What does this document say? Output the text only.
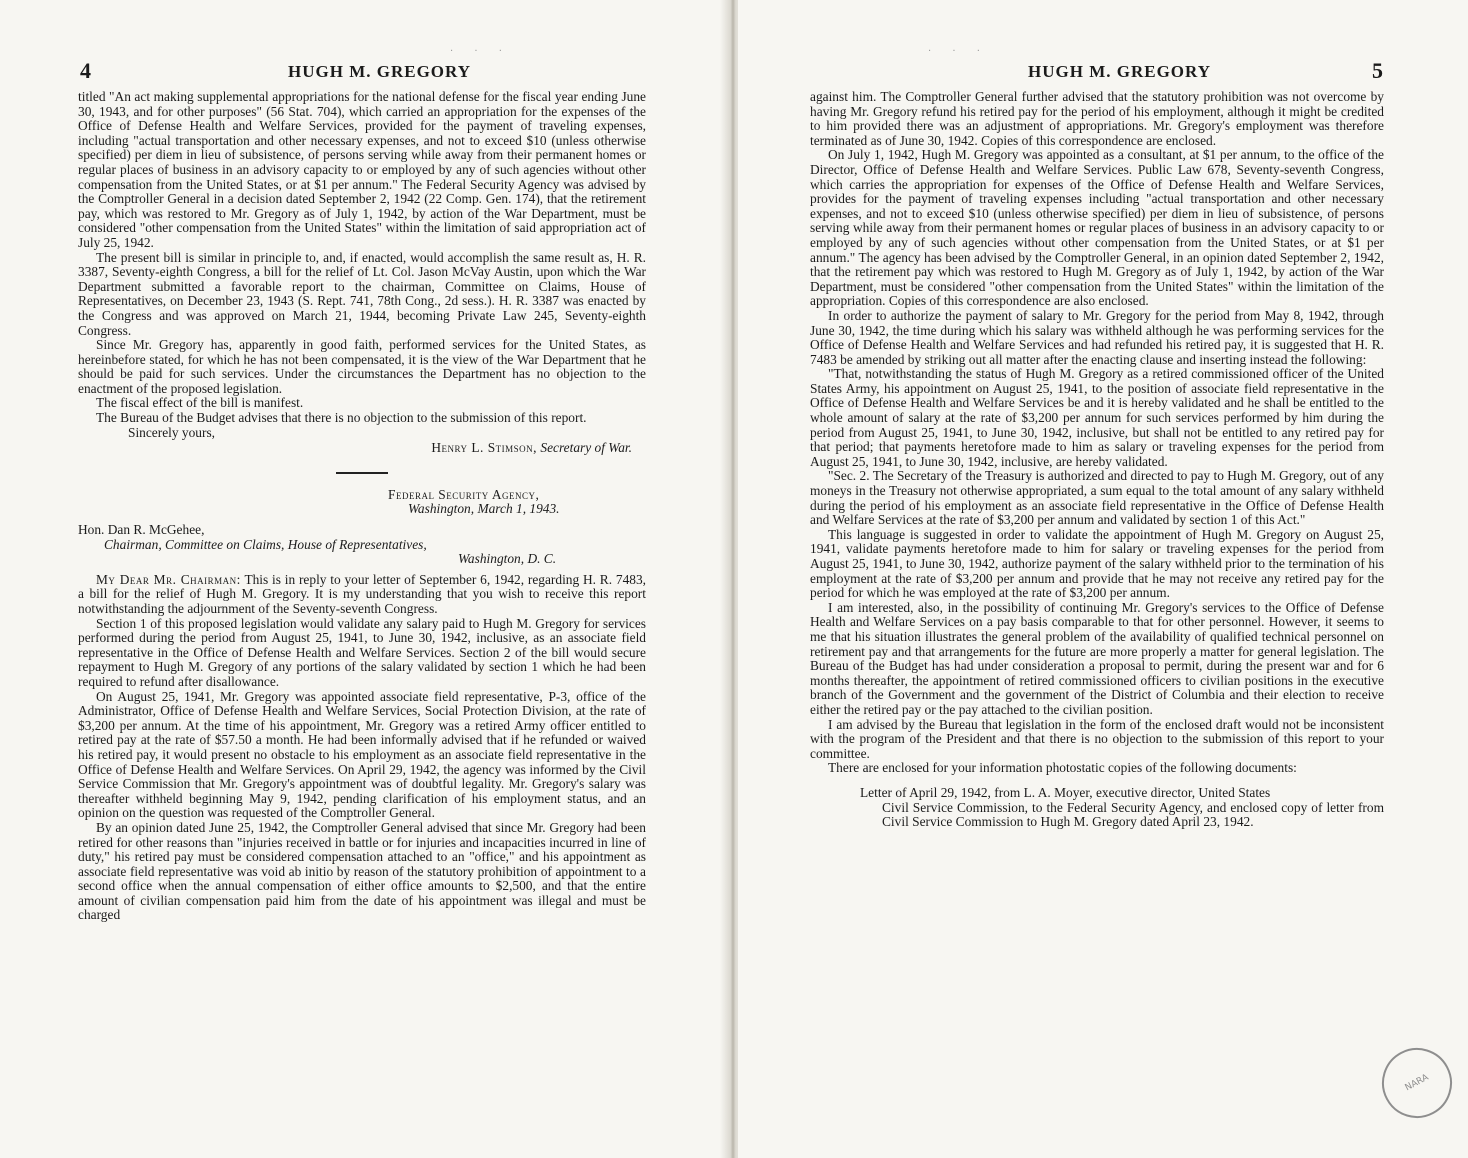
· · ·
4	HUGH M. GREGORY

titled "An act making supplemental appropriations for the national defense for the fiscal year ending June 30, 1943, and for other purposes" (56 Stat. 704), which carried an appropriation for the expenses of the Office of Defense Health and Welfare Services, provided for the payment of traveling expenses, including "actual transportation and other necessary expenses, and not to exceed $10 (unless otherwise specified) per diem in lieu of subsistence, of persons serving while away from their permanent homes or regular places of business in an advisory capacity to or employed by any of such agencies without other compensation from the United States, or at $1 per annum." The Federal Security Agency was advised by the Comptroller General in a decision dated September 2, 1942 (22 Comp. Gen. 174), that the retirement pay, which was restored to Mr. Gregory as of July 1, 1942, by action of the War Department, must be considered "other compensation from the United States" within the limitation of said appropriation act of July 25, 1942.

The present bill is similar in principle to, and, if enacted, would accomplish the same result as, H. R. 3387, Seventy-eighth Congress, a bill for the relief of Lt. Col. Jason McVay Austin, upon which the War Department submitted a favorable report to the chairman, Committee on Claims, House of Representatives, on December 23, 1943 (S. Rept. 741, 78th Cong., 2d sess.). H. R. 3387 was enacted by the Congress and was approved on March 21, 1944, becoming Private Law 245, Seventy-eighth Congress.

Since Mr. Gregory has, apparently in good faith, performed services for the United States, as hereinbefore stated, for which he has not been compensated, it is the view of the War Department that he should be paid for such services. Under the circumstances the Department has no objection to the enactment of the proposed legislation.

The fiscal effect of the bill is manifest.

The Bureau of the Budget advises that there is no objection to the submission of this report.

Sincerely yours,

Henry L. Stimson, Secretary of War.
Federal Security Agency,
Washington, March 1, 1943.
Hon. Dan R. McGehee,
Chairman, Committee on Claims, House of Representatives,
Washington, D. C.

My Dear Mr. Chairman: This is in reply to your letter of September 6, 1942, regarding H. R. 7483, a bill for the relief of Hugh M. Gregory. It is my understanding that you wish to receive this report notwithstanding the adjournment of the Seventy-seventh Congress.

Section 1 of this proposed legislation would validate any salary paid to Hugh M. Gregory for services performed during the period from August 25, 1941, to June 30, 1942, inclusive, as an associate field representative in the Office of Defense Health and Welfare Services. Section 2 of the bill would secure repayment to Hugh M. Gregory of any portions of the salary validated by section 1 which he had been required to refund after disallowance.

On August 25, 1941, Mr. Gregory was appointed associate field representative, P-3, office of the Administrator, Office of Defense Health and Welfare Services, Social Protection Division, at the rate of $3,200 per annum. At the time of his appointment, Mr. Gregory was a retired Army officer entitled to retired pay at the rate of $57.50 a month. He had been informally advised that if he refunded or waived his retired pay, it would present no obstacle to his employment as an associate field representative in the Office of Defense Health and Welfare Services. On April 29, 1942, the agency was informed by the Civil Service Commission that Mr. Gregory's appointment was of doubtful legality. Mr. Gregory's salary was thereafter withheld beginning May 9, 1942, pending clarification of his employment status, and an opinion on the question was requested of the Comptroller General.

By an opinion dated June 25, 1942, the Comptroller General advised that since Mr. Gregory had been retired for other reasons than "injuries received in battle or for injuries and incapacities incurred in line of duty," his retired pay must be considered compensation attached to an "office," and his appointment as associate field representative was void ab initio by reason of the statutory prohibition of appointment to a second office when the annual compensation of either office amounts to $2,500, and that the entire amount of civilian compensation paid him from the date of his appointment was illegal and must be charged

· · ·
HUGH M. GREGORY	5

against him. The Comptroller General further advised that the statutory prohibition was not overcome by having Mr. Gregory refund his retired pay for the period of his employment, although it might be credited to him provided there was an adjustment of appropriations. Mr. Gregory's employment was therefore terminated as of June 30, 1942. Copies of this correspondence are enclosed.

On July 1, 1942, Hugh M. Gregory was appointed as a consultant, at $1 per annum, to the office of the Director, Office of Defense Health and Welfare Services. Public Law 678, Seventy-seventh Congress, which carries the appropriation for expenses of the Office of Defense Health and Welfare Services, provides for the payment of traveling expenses including "actual transportation and other necessary expenses, and not to exceed $10 (unless otherwise specified) per diem in lieu of subsistence, of persons serving while away from their permanent homes or regular places of business in an advisory capacity to or employed by any of such agencies without other compensation from the United States, or at $1 per annum." The agency has been advised by the Comptroller General, in an opinion dated September 2, 1942, that the retirement pay which was restored to Hugh M. Gregory as of July 1, 1942, by action of the War Department, must be considered "other compensation from the United States" within the limitation of the appropriation. Copies of this correspondence are also enclosed.

In order to authorize the payment of salary to Mr. Gregory for the period from May 8, 1942, through June 30, 1942, the time during which his salary was withheld although he was performing services for the Office of Defense Health and Welfare Services and had refunded his retired pay, it is suggested that H. R. 7483 be amended by striking out all matter after the enacting clause and inserting instead the following:

"That, notwithstanding the status of Hugh M. Gregory as a retired commissioned officer of the United States Army, his appointment on August 25, 1941, to the position of associate field representative in the Office of Defense Health and Welfare Services be and it is hereby validated and he shall be entitled to the whole amount of salary at the rate of $3,200 per annum for such services performed by him during the period from August 25, 1941, to June 30, 1942, inclusive, but shall not be entitled to any retired pay for that period; that payments heretofore made to him as salary or traveling expenses for the period from August 25, 1941, to June 30, 1942, inclusive, are hereby validated.

"Sec. 2. The Secretary of the Treasury is authorized and directed to pay to Hugh M. Gregory, out of any moneys in the Treasury not otherwise appropriated, a sum equal to the total amount of any salary withheld during the period of his employment as an associate field representative in the Office of Defense Health and Welfare Services at the rate of $3,200 per annum and validated by section 1 of this Act."

This language is suggested in order to validate the appointment of Hugh M. Gregory on August 25, 1941, validate payments heretofore made to him for salary or traveling expenses for the period from August 25, 1941, to June 30, 1942, authorize payment of the salary withheld prior to the termination of his employment at the rate of $3,200 per annum and provide that he may not receive any retired pay for the period for which he was employed at the rate of $3,200 per annum.

I am interested, also, in the possibility of continuing Mr. Gregory's services to the Office of Defense Health and Welfare Services on a pay basis comparable to that for other personnel. However, it seems to me that his situation illustrates the general problem of the availability of qualified technical personnel on retirement pay and that arrangements for the future are more properly a matter for general legislation. The Bureau of the Budget has had under consideration a proposal to permit, during the present war and for 6 months thereafter, the appointment of retired commissioned officers to civilian positions in the executive branch of the Government and the government of the District of Columbia and their election to receive either the retired pay or the pay attached to the civilian position.

I am advised by the Bureau that legislation in the form of the enclosed draft would not be inconsistent with the program of the President and that there is no objection to the submission of this report to your committee.

There are enclosed for your information photostatic copies of the following documents:

Letter of April 29, 1942, from L. A. Moyer, executive director, United States
Civil Service Commission, to the Federal Security Agency, and enclosed copy of letter from Civil Service Commission to Hugh M. Gregory dated April 23, 1942.
NARA
